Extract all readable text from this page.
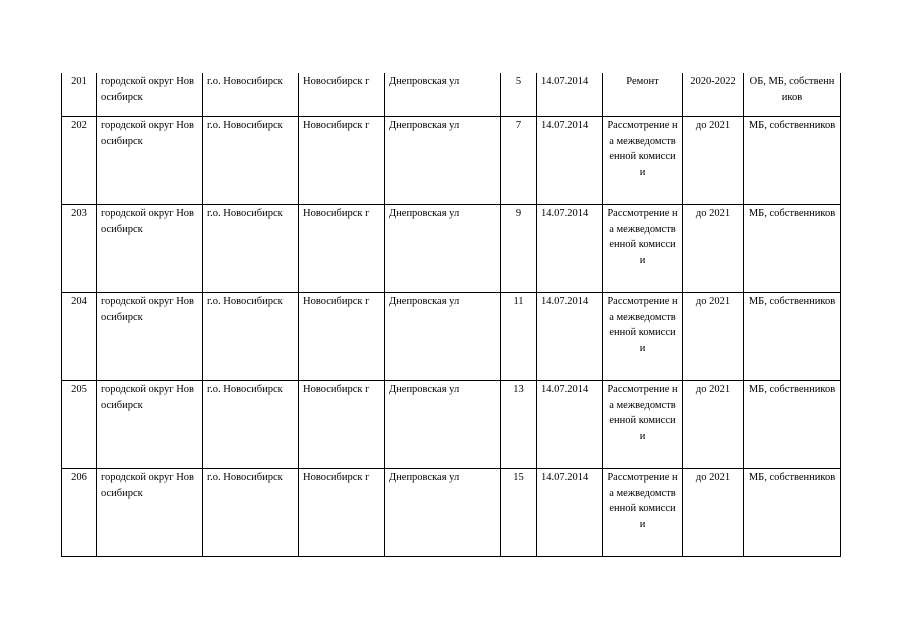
201	городской округ Новосибирск	г.о. Новосибирск	Новосибирск г	Днепровская ул	5	14.07.2014	Ремонт	2020-2022	ОБ, МБ, собственников
202	городской округ Новосибирск	г.о. Новосибирск	Новосибирск г	Днепровская ул	7	14.07.2014	Рассмотрение на межведомственной комиссии	до 2021	МБ, собственников
203	городской округ Новосибирск	г.о. Новосибирск	Новосибирск г	Днепровская ул	9	14.07.2014	Рассмотрение на межведомственной комиссии	до 2021	МБ, собственников
204	городской округ Новосибирск	г.о. Новосибирск	Новосибирск г	Днепровская ул	11	14.07.2014	Рассмотрение на межведомственной комиссии	до 2021	МБ, собственников
205	городской округ Новосибирск	г.о. Новосибирск	Новосибирск г	Днепровская ул	13	14.07.2014	Рассмотрение на межведомственной комиссии	до 2021	МБ, собственников
206	городской округ Новосибирск	г.о. Новосибирск	Новосибирск г	Днепровская ул	15	14.07.2014	Рассмотрение на межведомственной комиссии	до 2021	МБ, собственников
